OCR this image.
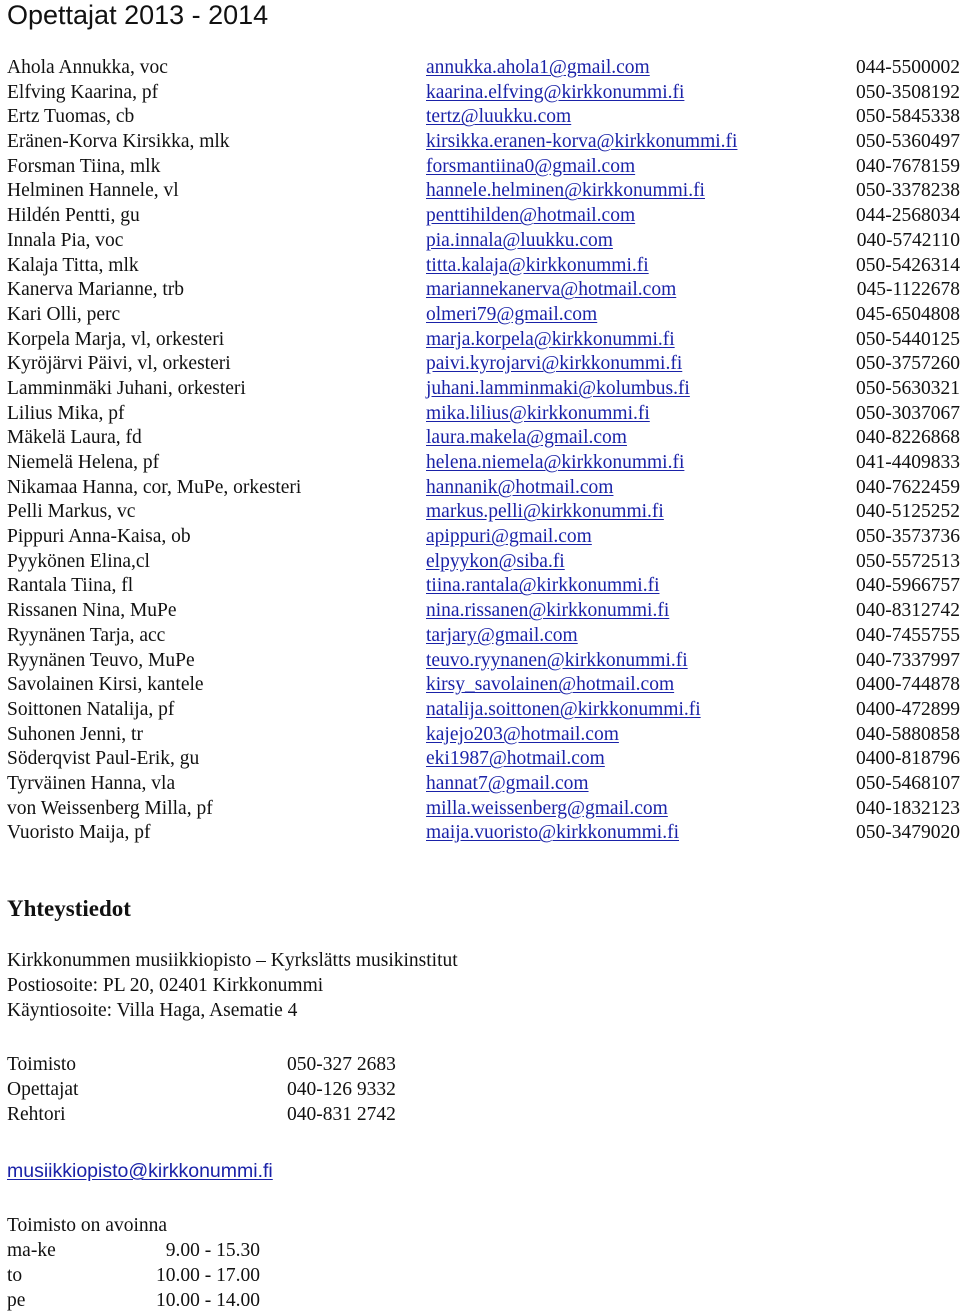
Opettajat 2013 - 2014
Ahola Annukka, voc	annukka.ahola1@gmail.com	044-5500002
Elfving Kaarina, pf	kaarina.elfving@kirkkonummi.fi	050-3508192
Ertz Tuomas, cb	tertz@luukku.com	050-5845338
Eränen-Korva Kirsikka, mlk	kirsikka.eranen-korva@kirkkonummi.fi	050-5360497
Forsman Tiina, mlk	forsmantiina0@gmail.com	040-7678159
Helminen Hannele, vl	hannele.helminen@kirkkonummi.fi	050-3378238
Hildén Pentti, gu	penttihilden@hotmail.com	044-2568034
Innala Pia, voc	pia.innala@luukku.com	040-5742110
Kalaja Titta, mlk	titta.kalaja@kirkkonummi.fi	050-5426314
Kanerva Marianne, trb	mariannekanerva@hotmail.com	045-1122678
Kari Olli, perc	olmeri79@gmail.com	045-6504808
Korpela Marja, vl, orkesteri	marja.korpela@kirkkonummi.fi	050-5440125
Kyröjärvi Päivi, vl, orkesteri	paivi.kyrojarvi@kirkkonummi.fi	050-3757260
Lamminmäki Juhani, orkesteri	juhani.lamminmaki@kolumbus.fi	050-5630321
Lilius Mika, pf	mika.lilius@kirkkonummi.fi	050-3037067
Mäkelä Laura, fd	laura.makela@gmail.com	040-8226868
Niemelä Helena, pf	helena.niemela@kirkkonummi.fi	041-4409833
Nikamaa Hanna, cor, MuPe, orkesteri	hannanik@hotmail.com	040-7622459
Pelli Markus, vc	markus.pelli@kirkkonummi.fi	040-5125252
Pippuri Anna-Kaisa, ob	apippuri@gmail.com	050-3573736
Pyykönen Elina,cl	elpyykon@siba.fi	050-5572513
Rantala Tiina, fl	tiina.rantala@kirkkonummi.fi	040-5966757
Rissanen Nina, MuPe	nina.rissanen@kirkkonummi.fi	040-8312742
Ryynänen Tarja, acc	tarjary@gmail.com	040-7455755
Ryynänen Teuvo, MuPe	teuvo.ryynanen@kirkkonummi.fi	040-7337997
Savolainen Kirsi, kantele	kirsy_savolainen@hotmail.com	0400-744878
Soittonen Natalija, pf	natalija.soittonen@kirkkonummi.fi	0400-472899
Suhonen Jenni, tr	kajejo203@hotmail.com	040-5880858
Söderqvist Paul-Erik, gu	eki1987@hotmail.com	0400-818796
Tyrväinen Hanna, vla	hannat7@gmail.com	050-5468107
von Weissenberg Milla, pf	milla.weissenberg@gmail.com	040-1832123
Vuoristo Maija, pf	maija.vuoristo@kirkkonummi.fi	050-3479020
Yhteystiedot
Kirkkonummen musiikkiopisto – Kyrkslätts musikinstitut
Postiosoite: PL 20, 02401 Kirkkonummi
Käyntiosoite: Villa Haga, Asematie 4
Toimisto	050-327 2683
Opettajat	040-126 9332
Rehtori	040-831 2742
musiikkiopisto@kirkkonummi.fi
Toimisto on avoinna
ma-ke	9.00 - 15.30
to	10.00 - 17.00
pe	10.00 - 14.00
